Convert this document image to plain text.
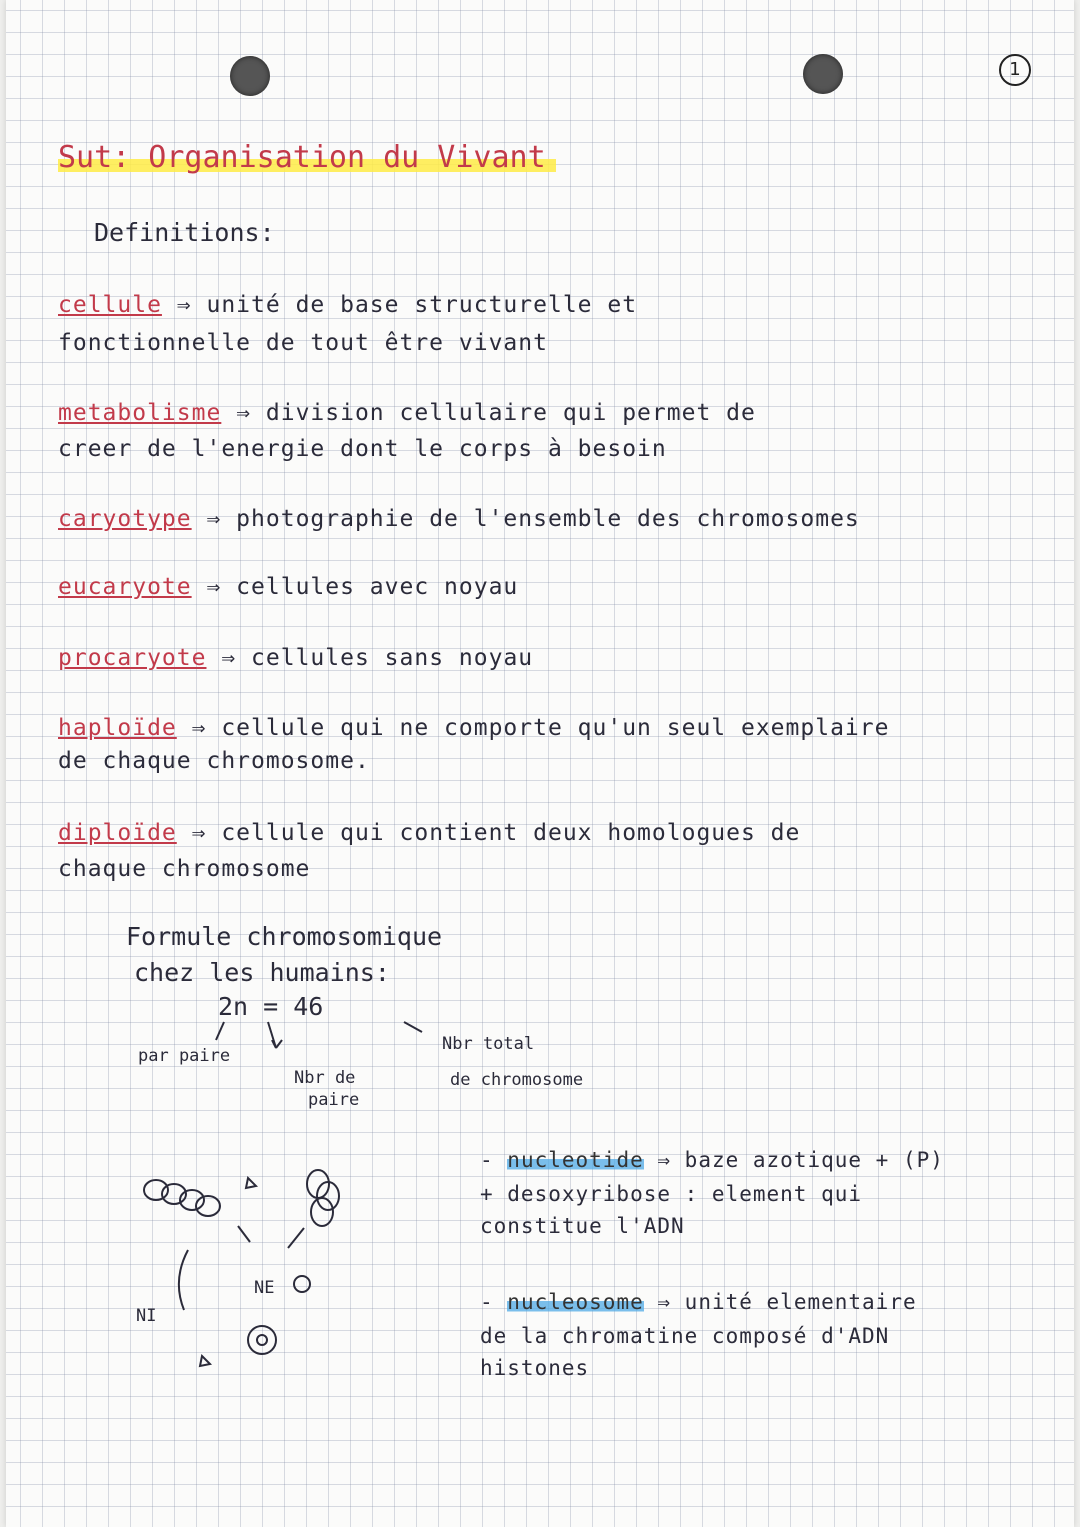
1
Sut: Organisation du Vivant
Definitions:
cellule ⇒ unité de base structurelle et
fonctionnelle de tout être vivant
metabolisme ⇒ division cellulaire qui permet de
creer de l'energie dont le corps à besoin
caryotype ⇒ photographie de l'ensemble des chromosomes
eucaryote ⇒ cellules avec noyau
procaryote ⇒ cellules sans noyau
haploïde ⇒ cellule qui ne comporte qu'un seul exemplaire
de chaque chromosome.
diploïde ⇒ cellule qui contient deux homologues de
chaque chromosome
Formule chromosomique
chez les humains:
2n = 46
par paire
Nbr de
paire
Nbr total
de chromosome
NI
NE
- nucleotide ⇒ baze azotique + (P)
+ desoxyribose : element qui
constitue l'ADN
- nucleosome ⇒ unité elementaire
de la chromatine composé d'ADN
histones
